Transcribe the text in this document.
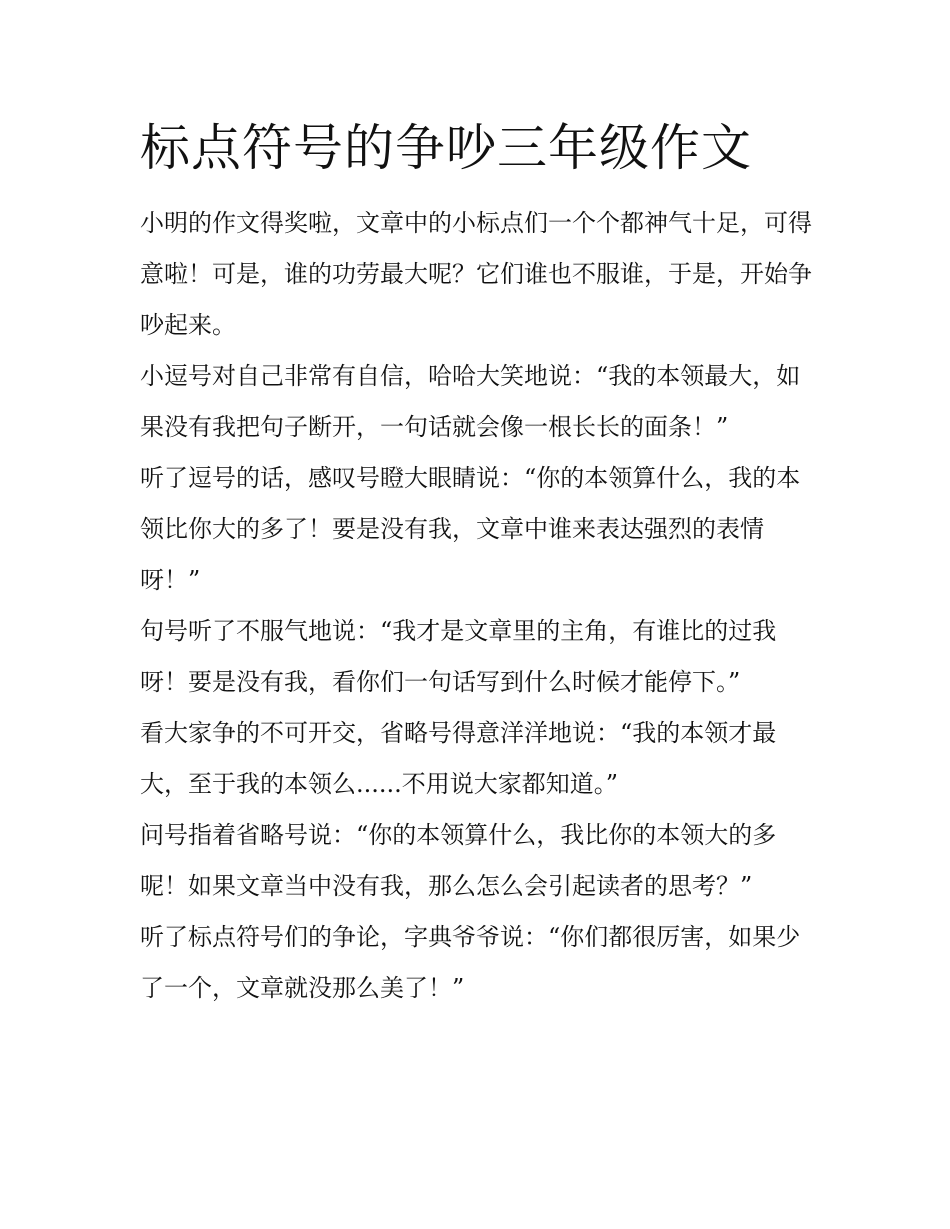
标点符号的争吵三年级作文

小明的作文得奖啦，文章中的小标点们一个个都神气十足，可得意啦！可是，谁的功劳最大呢？它们谁也不服谁，于是，开始争吵起来。

小逗号对自己非常有自信，哈哈大笑地说：“我的本领最大，如果没有我把句子断开，一句话就会像一根长长的面条！”

听了逗号的话，感叹号瞪大眼睛说：“你的本领算什么，我的本领比你大的多了！要是没有我，文章中谁来表达强烈的表情呀！”

句号听了不服气地说：“我才是文章里的主角，有谁比的过我呀！要是没有我，看你们一句话写到什么时候才能停下。”

看大家争的不可开交，省略号得意洋洋地说：“我的本领才最大，至于我的本领么......不用说大家都知道。”

问号指着省略号说：“你的本领算什么，我比你的本领大的多呢！如果文章当中没有我，那么怎么会引起读者的思考？”

听了标点符号们的争论，字典爷爷说：“你们都很厉害，如果少了一个，文章就没那么美了！”
